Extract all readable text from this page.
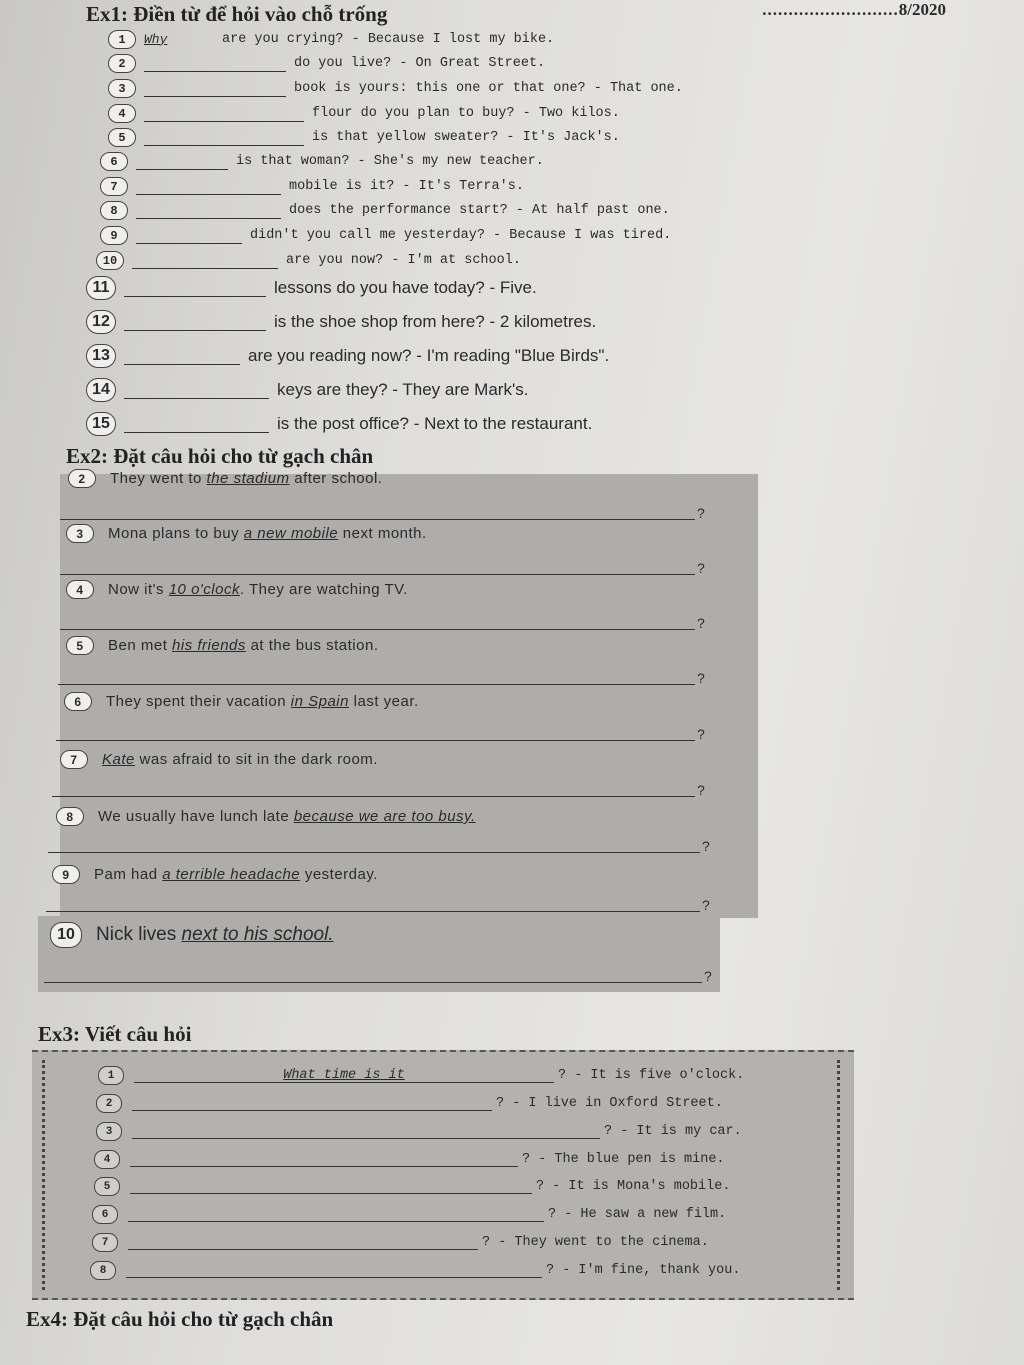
..........................8/2020
Ex1: Điền từ để hỏi vào chỗ trống
1	Why	are you crying? - Because I lost my bike.
2	do you live? - On Great Street.
3	book is yours: this one or that one? - That one.
4	flour do you plan to buy? - Two kilos.
5	is that yellow sweater? - It's Jack's.
6	is that woman? - She's my new teacher.
7	mobile is it? - It's Terra's.
8	does the performance start? - At half past one.
9	didn't you call me yesterday? - Because I was tired.
10	are you now? - I'm at school.
11	lessons do you have today? - Five.
12	is the shoe shop from here? - 2 kilometres.
13	are you reading now? - I'm reading "Blue Birds".
14	keys are they? - They are Mark's.
15	is the post office? - Next to the restaurant.
Ex2: Đặt câu hỏi cho từ gạch chân
2	They went to the stadium after school.
?
3	Mona plans to buy a new mobile next month.
?
4	Now it's 10 o'clock . They are watching TV.
?
5	Ben met his friends at the bus station.
?
6	They spent their vacation in Spain last year.
?
7	Kate was afraid to sit in the dark room.
?
8	We usually have lunch late because we are too busy.
?
9	Pam had a terrible headache yesterday.
?
10	Nick lives next to his school.
?
Ex3: Viết câu hỏi
1	What time is it	? - It is five o'clock.
2	? - I live in Oxford Street.
3	? - It is my car.
4	? - The blue pen is mine.
5	? - It is Mona's mobile.
6	? - He saw a new film.
7	? - They went to the cinema.
8	? - I'm fine, thank you.
Ex4: Đặt câu hỏi cho từ gạch chân
